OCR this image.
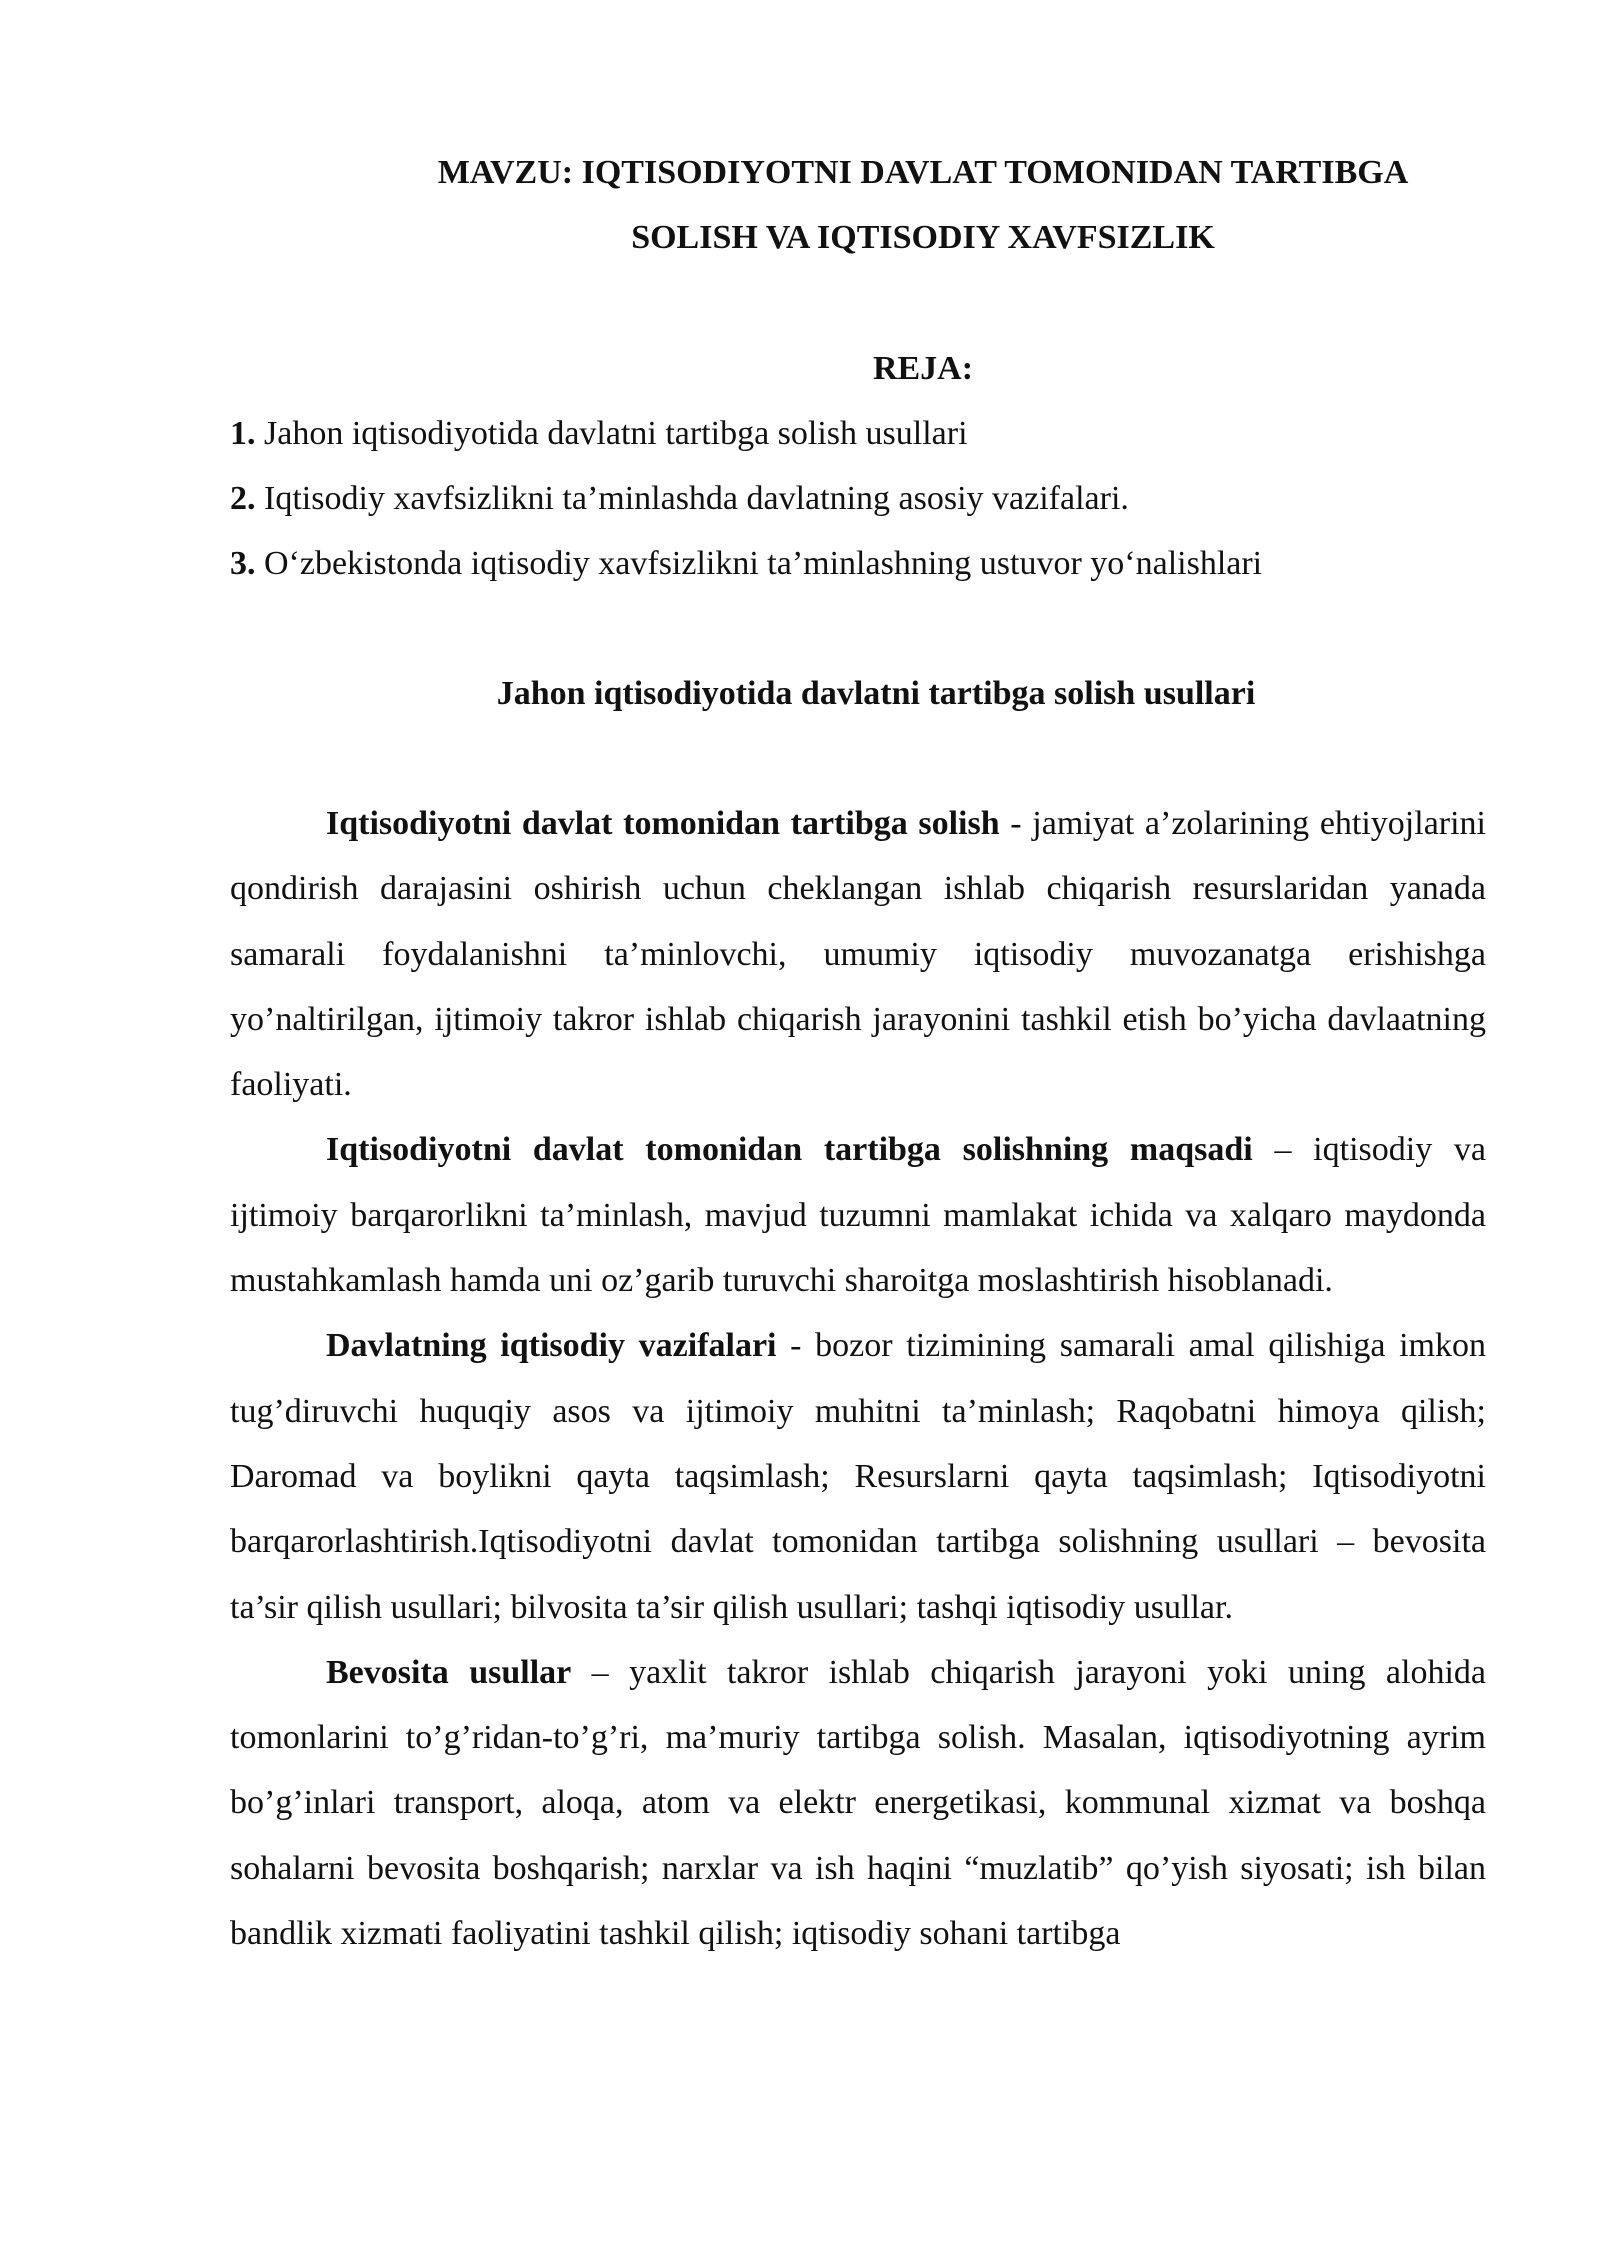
MAVZU: IQTISODIYOTNI DAVLAT TOMONIDAN TARTIBGA
SOLISH VA IQTISODIY XAVFSIZLIK
REJA:
1. Jahon iqtisodiyotida davlatni tartibga solish usullari
2. Iqtisodiy xavfsizlikni ta’minlashda davlatning asosiy vazifalari.
3. O‘zbekistonda iqtisodiy xavfsizlikni ta’minlashning ustuvor yo‘nalishlari
Jahon iqtisodiyotida davlatni tartibga solish usullari

Iqtisodiyotni davlat tomonidan tartibga solish - jamiyat a’zolarining ehtiyojlarini qondirish darajasini oshirish uchun cheklangan ishlab chiqarish resurslaridan yanada samarali foydalanishni ta’minlovchi, umumiy iqtisodiy muvozanatga erishishga yo’naltirilgan, ijtimoiy takror ishlab chiqarish jarayonini tashkil etish bo’yicha davlaatning faoliyati.

Iqtisodiyotni davlat tomonidan tartibga solishning maqsadi – iqtisodiy va ijtimoiy barqarorlikni ta’minlash, mavjud tuzumni mamlakat ichida va xalqaro maydonda mustahkamlash hamda uni oz’garib turuvchi sharoitga moslashtirish hisoblanadi.

Davlatning iqtisodiy vazifalari - bozor tizimining samarali amal qilishiga imkon tug’diruvchi huquqiy asos va ijtimoiy muhitni ta’minlash; Raqobatni himoya qilish; Daromad va boylikni qayta taqsimlash; Resurslarni qayta taqsimlash; Iqtisodiyotni barqarorlashtirish.Iqtisodiyotni davlat tomonidan tartibga solishning usullari – bevosita ta’sir qilish usullari; bilvosita ta’sir qilish usullari; tashqi iqtisodiy usullar.

Bevosita usullar – yaxlit takror ishlab chiqarish jarayoni yoki uning alohida tomonlarini to’g’ridan-to’g’ri, ma’muriy tartibga solish. Masalan, iqtisodiyotning ayrim bo’g’inlari transport, aloqa, atom va elektr energetikasi, kommunal xizmat va boshqa sohalarni bevosita boshqarish; narxlar va ish haqini “muzlatib” qo’yish siyosati; ish bilan bandlik xizmati faoliyatini tashkil qilish; iqtisodiy sohani tartibga
